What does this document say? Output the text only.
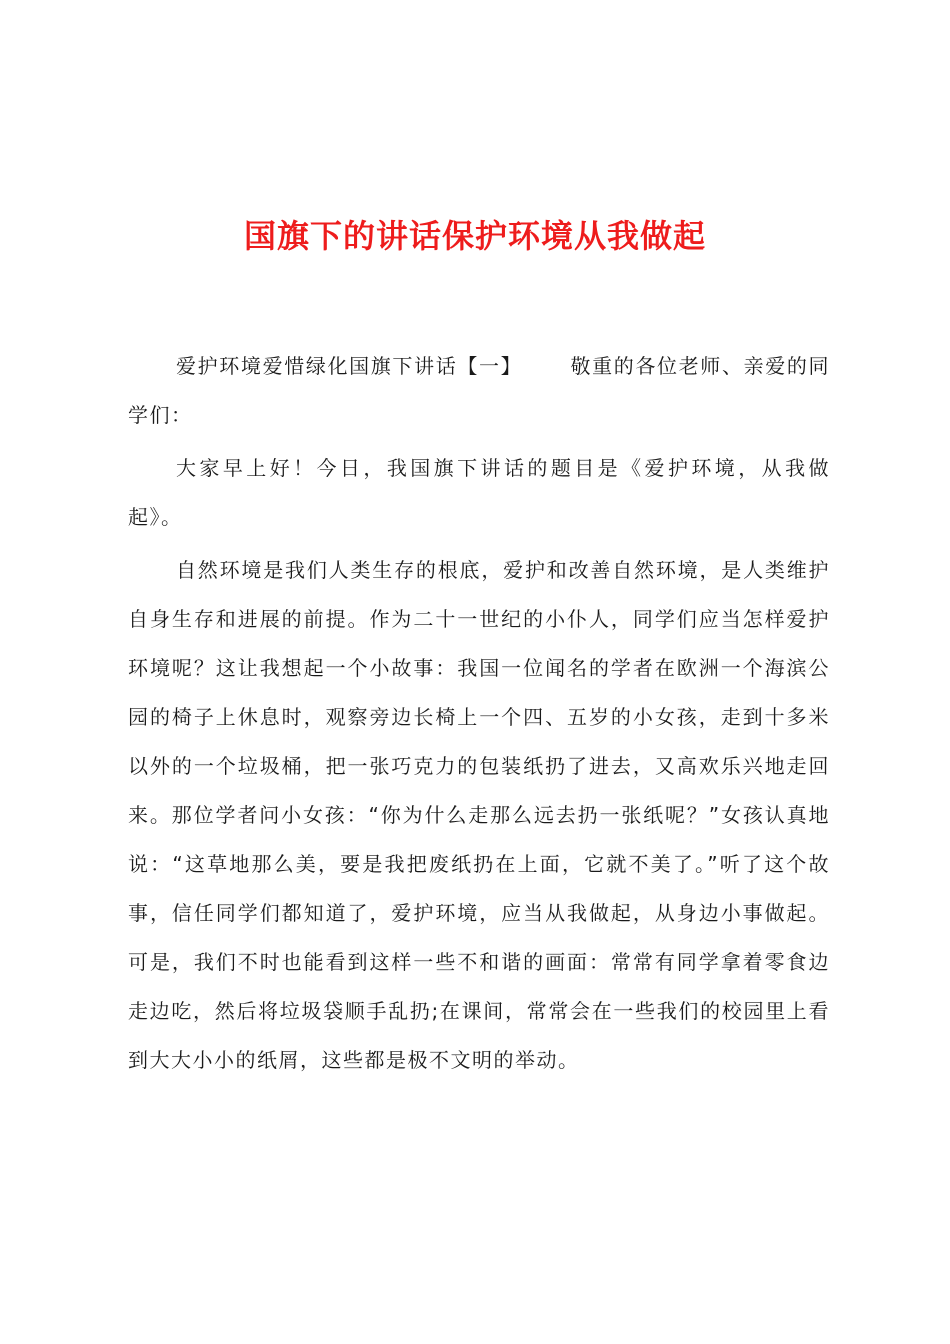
国旗下的讲话保护环境从我做起

爱护环境爱惜绿化国旗下讲话【一】 敬重的各位老师、亲爱的同学们：

大家早上好！今日，我国旗下讲话的题目是《爱护环境，从我做起》。

自然环境是我们人类生存的根底，爱护和改善自然环境，是人类维护自身生存和进展的前提。作为二十一世纪的小仆人，同学们应当怎样爱护环境呢？这让我想起一个小故事：我国一位闻名的学者在欧洲一个海滨公园的椅子上休息时，观察旁边长椅上一个四、五岁的小女孩，走到十多米以外的一个垃圾桶，把一张巧克力的包装纸扔了进去，又高欢乐兴地走回来。那位学者问小女孩：“你为什么走那么远去扔一张纸呢？”女孩认真地说：“这草地那么美，要是我把废纸扔在上面，它就不美了。”听了这个故事，信任同学们都知道了，爱护环境，应当从我做起，从身边小事做起。可是，我们不时也能看到这样一些不和谐的画面：常常有同学拿着零食边走边吃，然后将垃圾袋顺手乱扔;在课间，常常会在一些我们的校园里上看到大大小小的纸屑，这些都是极不文明的举动。
